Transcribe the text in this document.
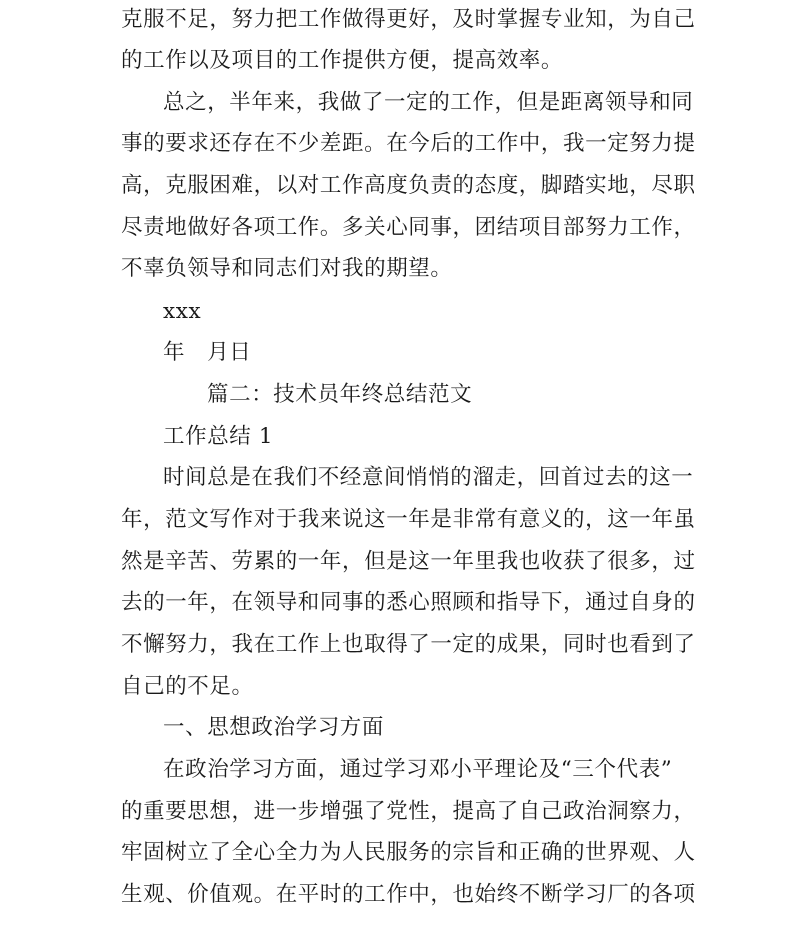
克服不足，努力把工作做得更好，及时掌握专业知，为自己
的工作以及项目的工作提供方便，提高效率。
总之，半年来，我做了一定的工作，但是距离领导和同
事的要求还存在不少差距。在今后的工作中，我一定努力提
高，克服困难，以对工作高度负责的态度，脚踏实地，尽职
尽责地做好各项工作。多关心同事，团结项目部努力工作，
不辜负领导和同志们对我的期望。
xxx
年　月日
篇二：技术员年终总结范文
工作总结 1
时间总是在我们不经意间悄悄的溜走，回首过去的这一
年，范文写作对于我来说这一年是非常有意义的，这一年虽
然是辛苦、劳累的一年，但是这一年里我也收获了很多，过
去的一年，在领导和同事的悉心照顾和指导下，通过自身的
不懈努力，我在工作上也取得了一定的成果，同时也看到了
自己的不足。
一、思想政治学习方面
在政治学习方面，通过学习邓小平理论及“三个代表”
的重要思想，进一步增强了党性，提高了自己政治洞察力，
牢固树立了全心全力为人民服务的宗旨和正确的世界观、人
生观、价值观。在平时的工作中，也始终不断学习厂的各项
